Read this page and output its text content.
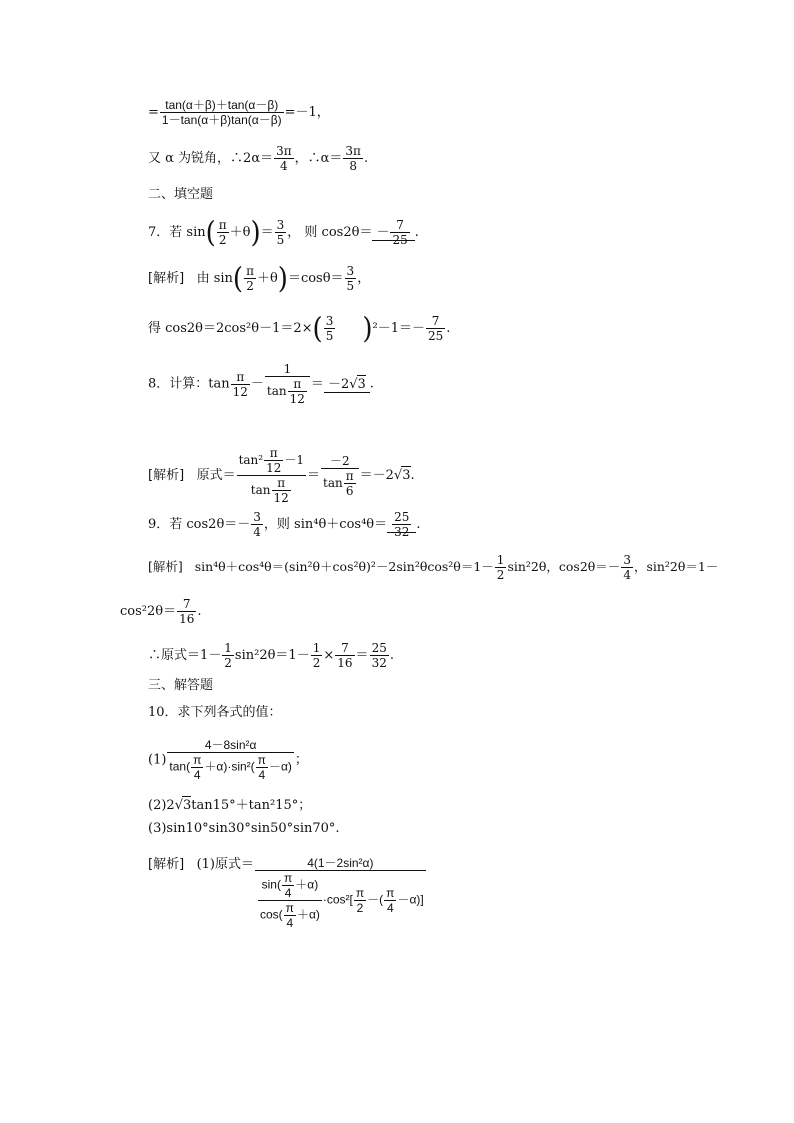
= $\frac{\tan(\alpha+\beta)+\tan(\alpha-\beta)}{1-\tan(\alpha+\beta)\tan(\alpha-\beta)} =-1$，
又 α 为锐角，∴2α＝ $\frac{3\pi}{4}$ ，∴α＝ $\frac{3\pi}{8}$ .
二、填空题
7．若 $\sin( \frac{\pi}{2} +\theta)= \frac{3}{5}$ ， 则 $\cos 2\theta= - \frac{7}{25}$ .
[解析] 由 $\sin( \frac{\pi}{2} +\theta)=\cos\theta= \frac{3}{5}$ ，
得 $\cos 2\theta=2\cos^2\theta-1=2\times( \frac{3}{5} )^2-1=- \frac{7}{25}$ .
8．计算：$\tan \frac{\pi}{12} - \frac{1}{\tan \frac{\pi}{12}} = -2√3$ .
[解析] 原式＝ $\frac{\tan^2 \frac{\pi}{12} -1}{\tan \frac{\pi}{12}} = \frac{-2}{\tan \frac{\pi}{6}} =-2√3$.
9．若 $\cos 2\theta=- \frac{3}{4}$ ，则 $\sin^4\theta+\cos^4\theta= \frac{25}{32}$ .
[解析] $\sin^4\theta+\cos^4\theta=(\sin^2\theta+\cos^2\theta)^2-2\sin^2\theta\cos^2\theta=1- \frac{1}{2} \sin^22\theta$，$\cos 2\theta=- \frac{3}{4}$ ，sin²2θ＝1－
$\cos^22\theta= \frac{7}{16}$ .
∴原式$=1- \frac{1}{2} \sin^22\theta=1- \frac{1}{2} \times \frac{7}{16} = \frac{25}{32}$ .
三、解答题
10．求下列各式的值：
$(1) \frac{\text{4－8sin²α}}{\tan( \frac{\pi}{4} +\alpha)\cdot\sin^2( \frac{\pi}{4} -\alpha)}$ ；
(2)2√3tan15°＋tan²15°；
(3)sin10°sin30°sin50°sin70°.
[解析] (1)原式＝ $\frac{\text{4(1－2sin²α)}}{\frac{\sin( \frac{\pi}{4} +\alpha)}{\cos( \frac{\pi}{4} +\alpha)} \cdot\cos^2[ \frac{\pi}{2} -( \frac{\pi}{4} -\alpha)]}$
